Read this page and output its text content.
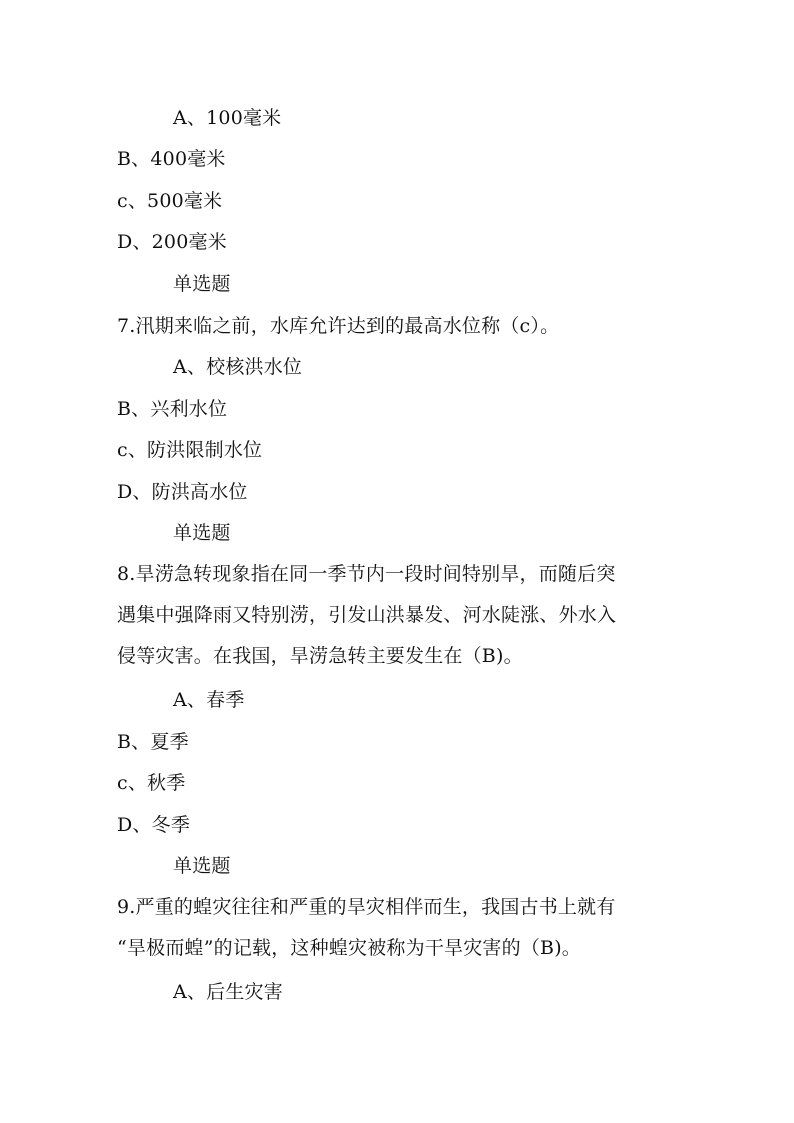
A、100毫米
B、400毫米
c、500毫米
D、200毫米
单选题
7.汛期来临之前，水库允许达到的最高水位称（c）。
A、校核洪水位
B、兴利水位
c、防洪限制水位
D、防洪高水位
单选题
8.旱涝急转现象指在同一季节内一段时间特别旱，而随后突
遇集中强降雨又特别涝，引发山洪暴发、河水陡涨、外水入
侵等灾害。在我国，旱涝急转主要发生在（B)。
A、春季
B、夏季
c、秋季
D、冬季
单选题
9.严重的蝗灾往往和严重的旱灾相伴而生，我国古书上就有
“旱极而蝗”的记载，这种蝗灾被称为干旱灾害的（B)。
A、后生灾害
